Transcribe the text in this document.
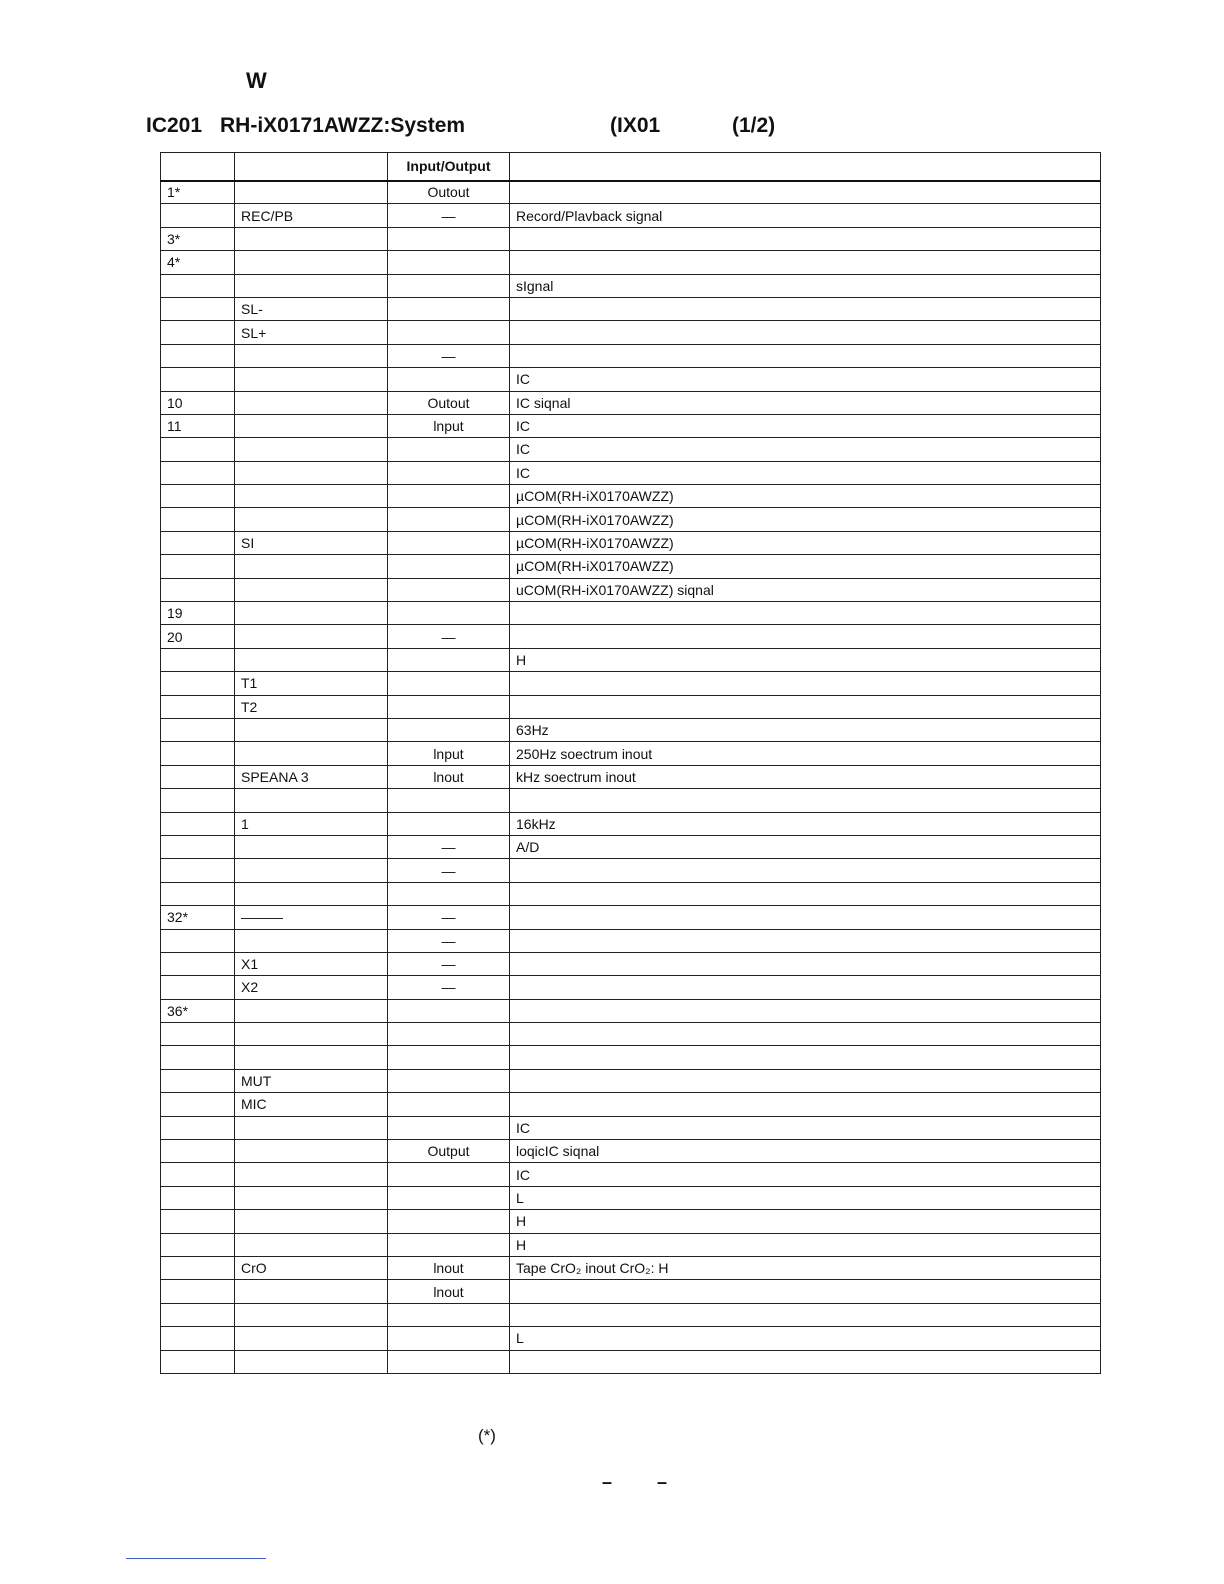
W
IC201 RH-iX0171AWZZ:System	(IX01	(1/2)
		Input/Output	
1*		Outout	
	REC/PB	—	Record/Plavback signal
3*			
4*			
			sIgnal
	SL-		
	SL+		
		—	
			IC
10		Outout	IC siqnal
11		lnput	IC
			IC
			IC
			µCOM(RH-iX0170AWZZ)
			µCOM(RH-iX0170AWZZ)
	SI		µCOM(RH-iX0170AWZZ)
			µCOM(RH-iX0170AWZZ)
			uCOM(RH-iX0170AWZZ) siqnal
19			
20		—	
			H
	T1		
	T2		
			63Hz
		lnput	250Hz soectrum inout
	SPEANA 3	lnout	kHz soectrum inout

	1		16kHz
		—	A/D
		—	

32*	———	—	
		—	
	X1	—	
	X2	—	
36*			

	MUT		
	MIC		
			IC
		Output	loqicIC siqnal
			IC
			L
			H
			H
	CrO	lnout	Tape CrO₂ inout CrO₂: H
		lnout	

			L

(*)
– –
